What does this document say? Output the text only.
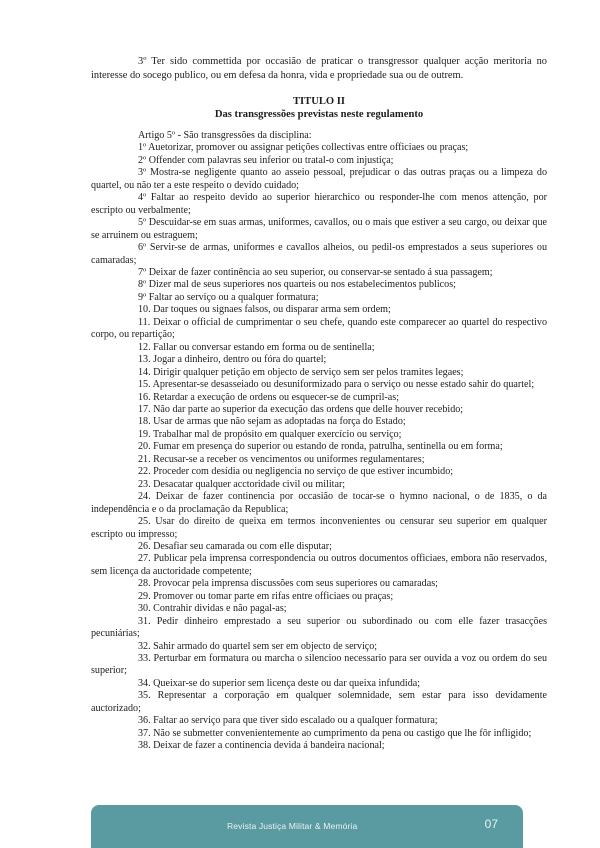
3º Ter sido commettida por occasião de praticar o transgressor qualquer acção meritoria no interesse do socego publico, ou em defesa da honra, vida e propriedade sua ou de outrem.

TITULO II

Das transgressões previstas neste regulamento

Artigo 5º - São transgressões da disciplina:

1º Auetorizar, promover ou assignar petições collectivas entre officiaes ou praças;

2º Offender com palavras seu inferior ou tratal-o com injustiça;

3º Mostra-se negligente quanto ao asseio pessoal, prejudicar o das outras praças ou a limpeza do quartel, ou não ter a este respeito o devido cuidado;

4º Faltar ao respeito devido ao superior hierarchico ou responder-lhe com menos attenção, por escripto ou verbalmente;

5º Descuidar-se em suas armas, uniformes, cavallos, ou o mais que estiver a seu cargo, ou deixar que se arruinem ou estraguem;

6º Servir-se de armas, uniformes e cavallos alheios, ou pedil-os emprestados a seus superiores ou camaradas;

7º Deixar de fazer continência ao seu superior, ou conservar-se sentado á sua passagem;

8º Dizer mal de seus superiores nos quarteis ou nos estabelecimentos publicos;

9º Faltar ao serviço ou a qualquer formatura;

10. Dar toques ou signaes falsos, ou disparar arma sem ordem;

11. Deixar o official de cumprimentar o seu chefe, quando este comparecer ao quartel do respectivo corpo, ou repartição;

12. Fallar ou conversar estando em forma ou de sentinella;

13. Jogar a dinheiro, dentro ou fóra do quartel;

14. Dirigir qualquer petição em objecto de serviço sem ser pelos tramites legaes;

15. Apresentar-se desasseiado ou desuniformizado para o serviço ou nesse estado sahir do quartel;

16. Retardar a execução de ordens ou esquecer-se de cumpril-as;

17. Não dar parte ao superior da execução das ordens que delle houver recebido;

18. Usar de armas que não sejam as adoptadas na força do Estado;

19. Trabalhar mal de propósito em qualquer exercício ou serviço;

20. Fumar em presença do superior ou estando de ronda, patrulha, sentinella ou em forma;

21. Recusar-se a receber os vencimentos ou uniformes regulamentares;

22. Proceder com desídia ou negligencia no serviço de que estiver incumbido;

23. Desacatar qualquer acctoridade civil ou militar;

24. Deixar de fazer continencia por occasião de tocar-se o hymno nacional, o de 1835, o da independência e o da proclamação da Republica;

25. Usar do direito de queixa em termos inconvenientes ou censurar seu superior em qualquer escripto ou impresso;

26. Desafiar seu camarada ou com elle disputar;

27. Publicar pela imprensa correspondencia ou outros documentos officiaes, embora não reservados, sem licença da auctoridade competente;

28. Provocar pela imprensa discussões com seus superiores ou camaradas;

29. Promover ou tomar parte em rifas entre officiaes ou praças;

30. Contrahir dividas e não pagal-as;

31. Pedir dinheiro emprestado a seu superior ou subordinado ou com elle fazer trasacções pecuniárias;

32. Sahir armado do quartel sem ser em objecto de serviço;

33. Perturbar em formatura ou marcha o silencioo necessario para ser ouvida a voz ou ordem do seu superior;

34. Queixar-se do superior sem licença deste ou dar queixa infundida;

35. Representar a corporação em qualquer solemnidade, sem estar para isso devidamente auctorizado;

36. Faltar ao serviço para que tiver sido escalado ou a qualquer formatura;

37. Não se submetter convenientemente ao cumprimento da pena ou castigo que lhe fôr infligido;

38. Deixar de fazer a continencia devida á bandeira nacional;

Revista Justiça Militar & Memória	07
